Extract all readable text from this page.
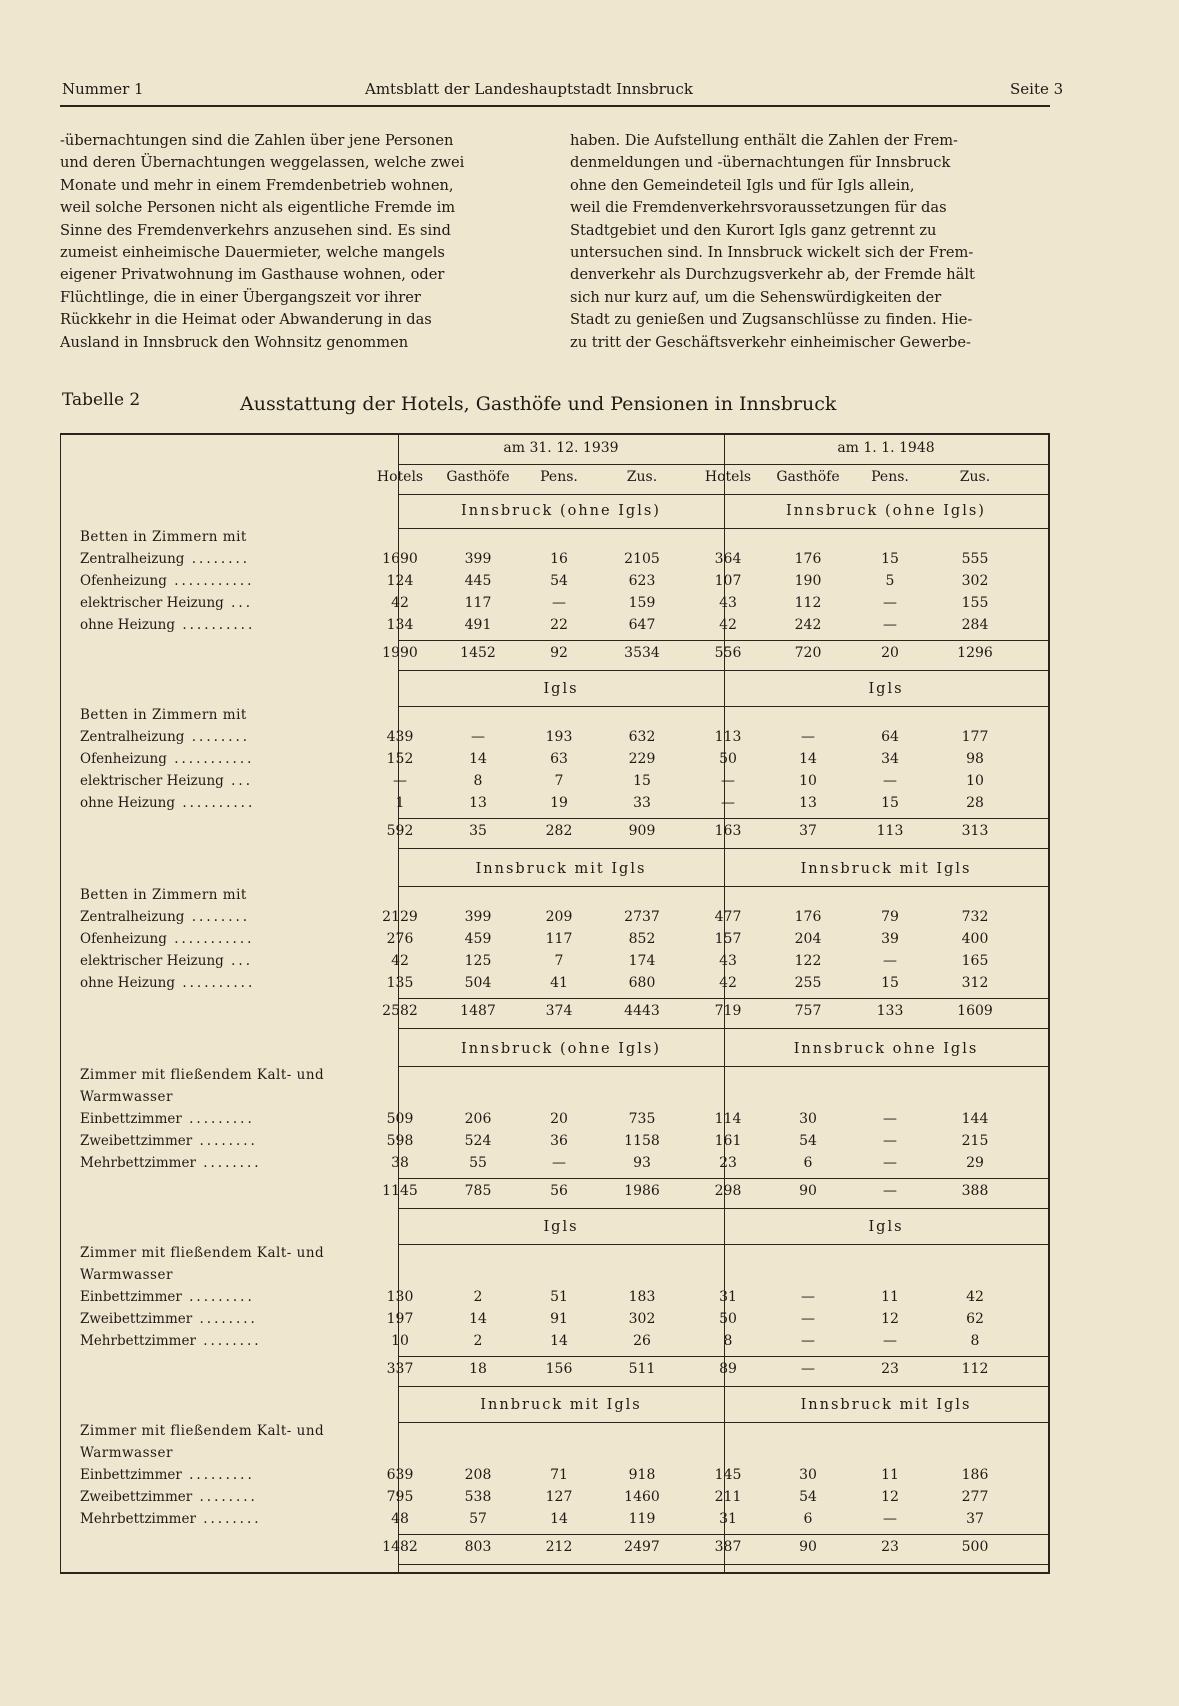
Nummer 1	Amtsblatt der Landeshauptstadt Innsbruck	Seite 3
-übernachtungen sind die Zahlen über jene Personen
und deren Übernachtungen weggelassen, welche zwei
Monate und mehr in einem Fremdenbetrieb wohnen,
weil solche Personen nicht als eigentliche Fremde im
Sinne des Fremdenverkehrs anzusehen sind. Es sind
zumeist einheimische Dauermieter, welche mangels
eigener Privatwohnung im Gasthause wohnen, oder
Flüchtlinge, die in einer Übergangszeit vor ihrer
Rückkehr in die Heimat oder Abwanderung in das
Ausland in Innsbruck den Wohnsitz genommen
haben. Die Aufstellung enthält die Zahlen der Frem-
denmeldungen und -übernachtungen für Innsbruck
ohne den Gemeindeteil Igls und für Igls allein,
weil die Fremdenverkehrsvoraussetzungen für das
Stadtgebiet und den Kurort Igls ganz getrennt zu
untersuchen sind. In Innsbruck wickelt sich der Frem-
denverkehr als Durchzugsverkehr ab, der Fremde hält
sich nur kurz auf, um die Sehenswürdigkeiten der
Stadt zu genießen und Zugsanschlüsse zu finden. Hie-
zu tritt der Geschäftsverkehr einheimischer Gewerbe-
Tabelle 2	Ausstattung der Hotels, Gasthöfe und Pensionen in Innsbruck
am 31. 12. 1939	am 1. 1. 1948
Hotels	Gasthöfe	Pens.	Zus.	Hotels	Gasthöfe	Pens.	Zus.
Innsbruck (ohne Igls)	Innsbruck (ohne Igls)
Betten in Zimmern mit
Zentralheizung ........	1690	399	16	2105	364	176	15	555
Ofenheizung ...........	124	445	54	623	107	190	5	302
elektrischer Heizung ...	42	117	—	159	43	112	—	155
ohne Heizung ..........	134	491	22	647	42	242	—	284
1990	1452	92	3534	556	720	20	1296
Igls	Igls
Betten in Zimmern mit
Zentralheizung ........	439	—	193	632	113	—	64	177
Ofenheizung ...........	152	14	63	229	50	14	34	98
elektrischer Heizung ...	—	8	7	15	—	10	—	10
ohne Heizung ..........	1	13	19	33	—	13	15	28
592	35	282	909	163	37	113	313
Innsbruck mit Igls	Innsbruck mit Igls
Betten in Zimmern mit
Zentralheizung ........	2129	399	209	2737	477	176	79	732
Ofenheizung ...........	276	459	117	852	157	204	39	400
elektrischer Heizung ...	42	125	7	174	43	122	—	165
ohne Heizung ..........	135	504	41	680	42	255	15	312
2582	1487	374	4443	719	757	133	1609
Innsbruck (ohne Igls)	Innsbruck ohne Igls
Zimmer mit fließendem Kalt- und
Warmwasser
Einbettzimmer .........	509	206	20	735	114	30	—	144
Zweibettzimmer ........	598	524	36	1158	161	54	—	215
Mehrbettzimmer ........	38	55	—	93	23	6	—	29
1145	785	56	1986	298	90	—	388
Igls	Igls
Zimmer mit fließendem Kalt- und
Warmwasser
Einbettzimmer .........	130	2	51	183	31	—	11	42
Zweibettzimmer ........	197	14	91	302	50	—	12	62
Mehrbettzimmer ........	10	2	14	26	8	—	—	8
337	18	156	511	89	—	23	112
Innbruck mit Igls	Innsbruck mit Igls
Zimmer mit fließendem Kalt- und
Warmwasser
Einbettzimmer .........	639	208	71	918	145	30	11	186
Zweibettzimmer ........	795	538	127	1460	211	54	12	277
Mehrbettzimmer ........	48	57	14	119	31	6	—	37
1482	803	212	2497	387	90	23	500
